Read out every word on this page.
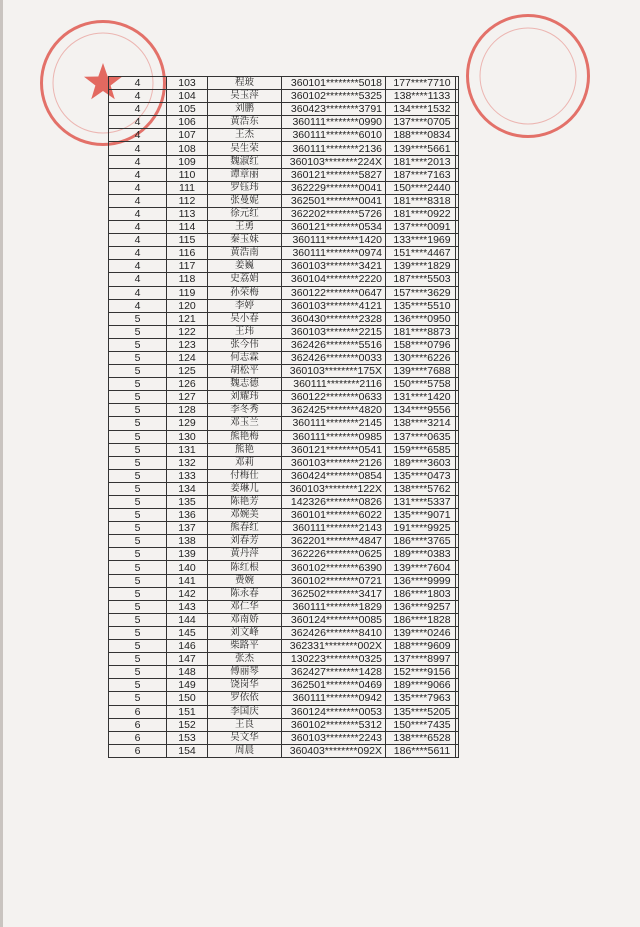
4	103	程玻	360101********5018	177****7710	
4	104	吴玉萍	360102********5325	138****1133	
4	105	刘鹏	360423********3791	134****1532	
4	106	黄浩东	360111********0990	137****0705	
4	107	王杰	360111********6010	188****0834	
4	108	吴生荣	360111********2136	139****5661	
4	109	魏淑红	360103********224X	181****2013	
4	110	谭章丽	360121********5827	187****7163	
4	111	罗钰玮	362229********0041	150****2440	
4	112	张曼妮	362501********0041	181****8318	
4	113	徐元红	362202********5726	181****0922	
4	114	王勇	360121********0534	137****0091	
4	115	秦玉妹	360111********1420	133****1969	
4	116	黄浩南	360111********0974	151****4467	
4	117	姜巍	360103********3421	139****1829	
4	118	史荔娟	360104********2220	187****5503	
4	119	孙荣梅	360122********0647	157****3629	
4	120	李婷	360103********4121	135****5510	
5	121	吴小春	360430********2328	136****0950	
5	122	王玮	360103********2215	181****8873	
5	123	张今伟	362426********5516	158****0796	
5	124	何志霖	362426********0033	130****6226	
5	125	胡松平	360103********175X	139****7688	
5	126	魏志德	360111********2116	150****5758	
5	127	刘耀玮	360122********0633	131****1420	
5	128	李冬秀	362425********4820	134****9556	
5	129	邓玉兰	360111********2145	138****3214	
5	130	熊艳梅	360111********0985	137****0635	
5	131	熊艳	360121********0541	159****6585	
5	132	邓莉	360103********2126	189****3603	
5	133	付梅仕	360424********0854	135****0473	
5	134	姜琳儿	360103********122X	138****5762	
5	135	陈艳芳	142326********0826	131****5337	
5	136	邓婉美	360101********6022	135****9071	
5	137	熊春红	360111********2143	191****9925	
5	138	刘春芳	362201********4847	186****3765	
5	139	黄丹萍	362226********0625	189****0383	
5	140	陈红根	360102********6390	139****7604	
5	141	费婉	360102********0721	136****9999	
5	142	陈永春	362502********3417	186****1803	
5	143	邓仁华	360111********1829	136****9257	
5	144	邓南娇	360124********0085	186****1828	
5	145	刘文峰	362426********8410	139****0246	
5	146	柴路平	362331********002X	188****9609	
5	147	张杰	130223********0325	137****8997	
5	148	傅丽琴	362427********1428	152****9156	
5	149	饶岗华	362501********0469	189****9066	
5	150	罗依依	360111********0942	135****7963	
6	151	李国庆	360124********0053	135****5205	
6	152	王良	360102********5312	150****7435	
6	153	吴文华	360103********2243	138****6528	
6	154	周晨	360403********092X	186****5611	
